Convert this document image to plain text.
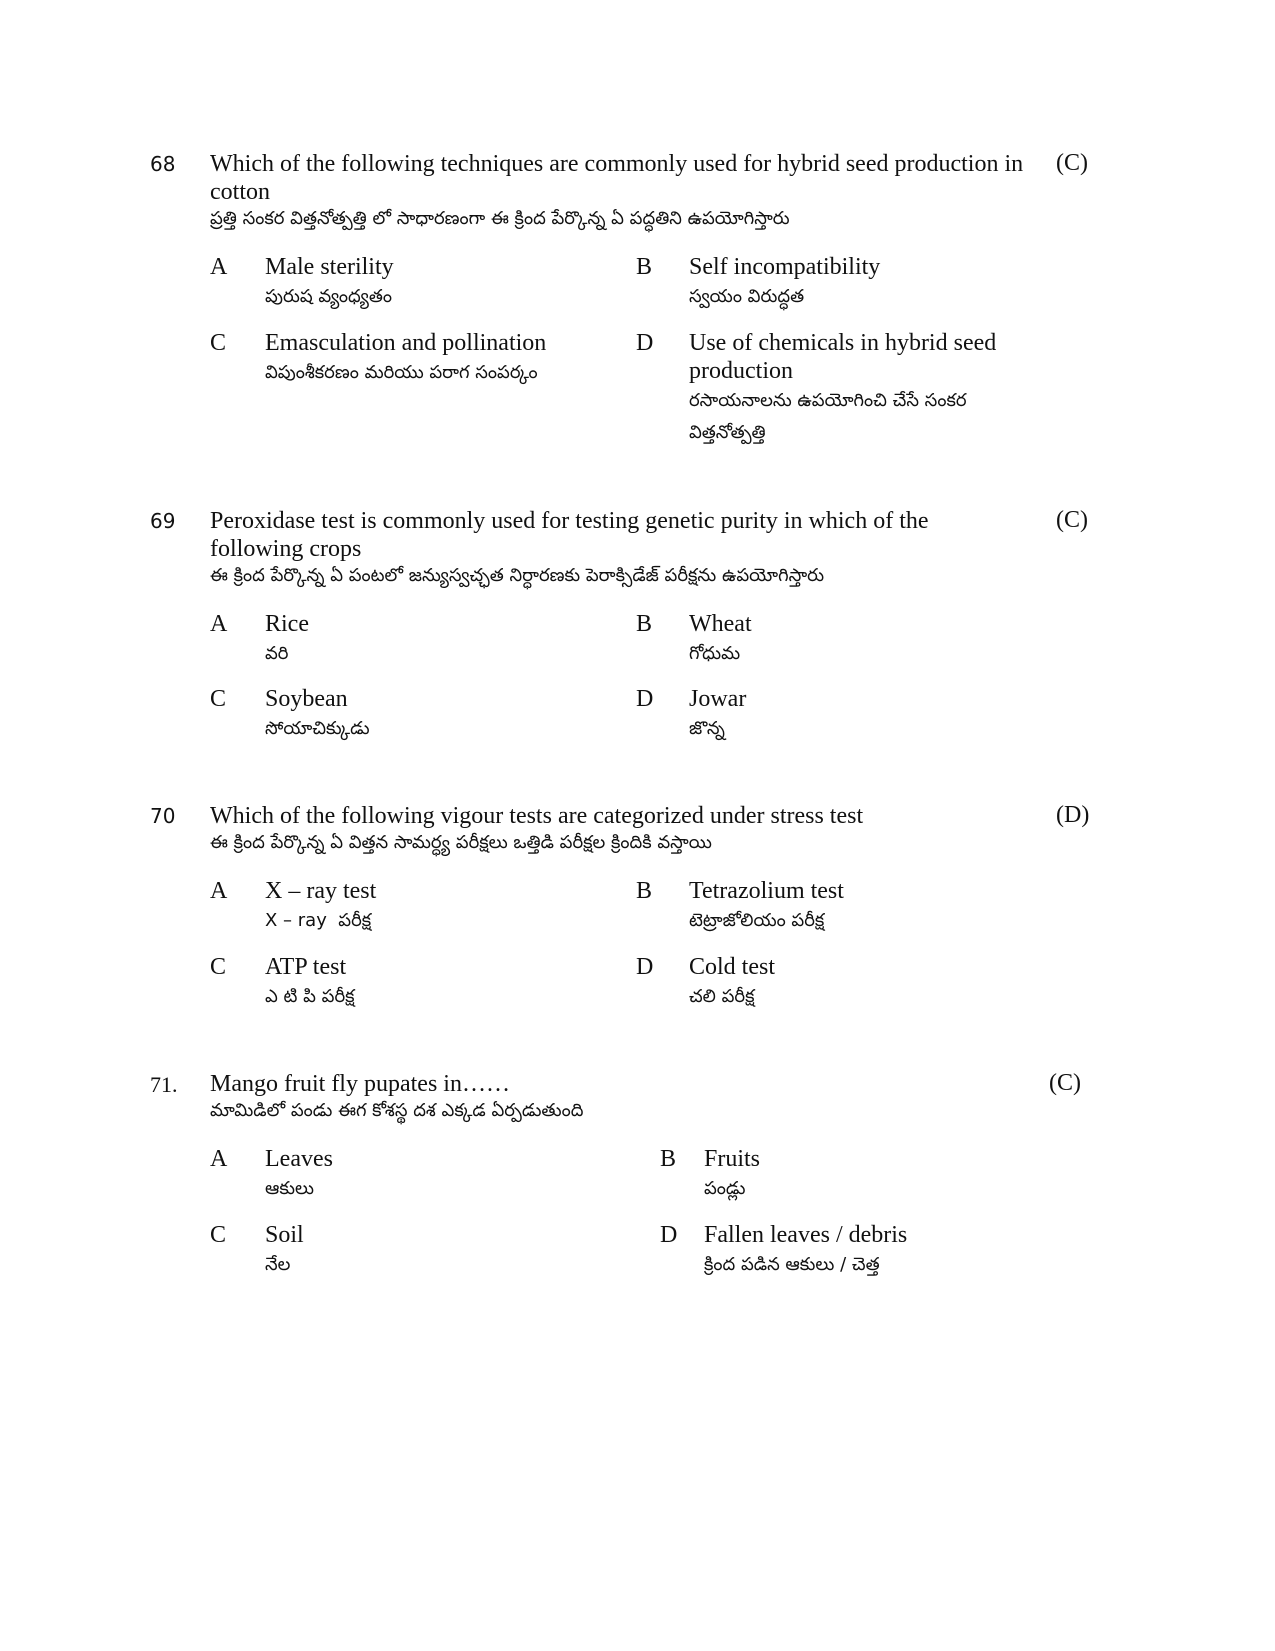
68 Which of the following techniques are commonly used for hybrid seed production in cotton
ప్రత్తి సంకర విత్తనోత్పత్తి లో సాధారణంగా ఈ క్రింద పేర్కొన్న ఏ పద్ధతిని ఉపయోగిస్తారు
(C)
A Male sterility
పురుష వ్యంధ్యతం
B Self incompatibility
స్వయం విరుద్ధత
C Emasculation and pollination
విపుంశీకరణం మరియు పరాగ సంపర్కం
D Use of chemicals in hybrid seed production
రసాయనాలను ఉపయోగించి చేసే సంకర విత్తనోత్పత్తి
69 Peroxidase test is commonly used for testing genetic purity in which of the following crops
ఈ క్రింద పేర్కొన్న ఏ పంటలో జన్యుస్వచ్ఛత నిర్ధారణకు పెరాక్సిడేజ్ పరీక్షను ఉపయోగిస్తారు
(C)
A Rice
వరి
B Wheat
గోధుమ
C Soybean
సోయాచిక్కుడు
D Jowar
జొన్న
70 Which of the following vigour tests are categorized under stress test
ఈ క్రింద పేర్కొన్న ఏ విత్తన సామర్ధ్య పరీక్షలు ఒత్తిడి పరీక్షల క్రిందికి వస్తాయి
(D)
A X – ray test
X – ray  పరీక్ష
B Tetrazolium test
టెట్రాజోలియం పరీక్ష
C ATP test
ఎ టి పి పరీక్ష
D Cold test
చలి పరీక్ష
71. Mango fruit fly pupates in……
మామిడిలో పండు ఈగ కోశస్థ దశ ఎక్కడ ఏర్పడుతుంది
(C)
A Leaves
ఆకులు
B Fruits
పండ్లు
C Soil
నేల
D Fallen leaves / debris
క్రింద పడిన ఆకులు / చెత్త
